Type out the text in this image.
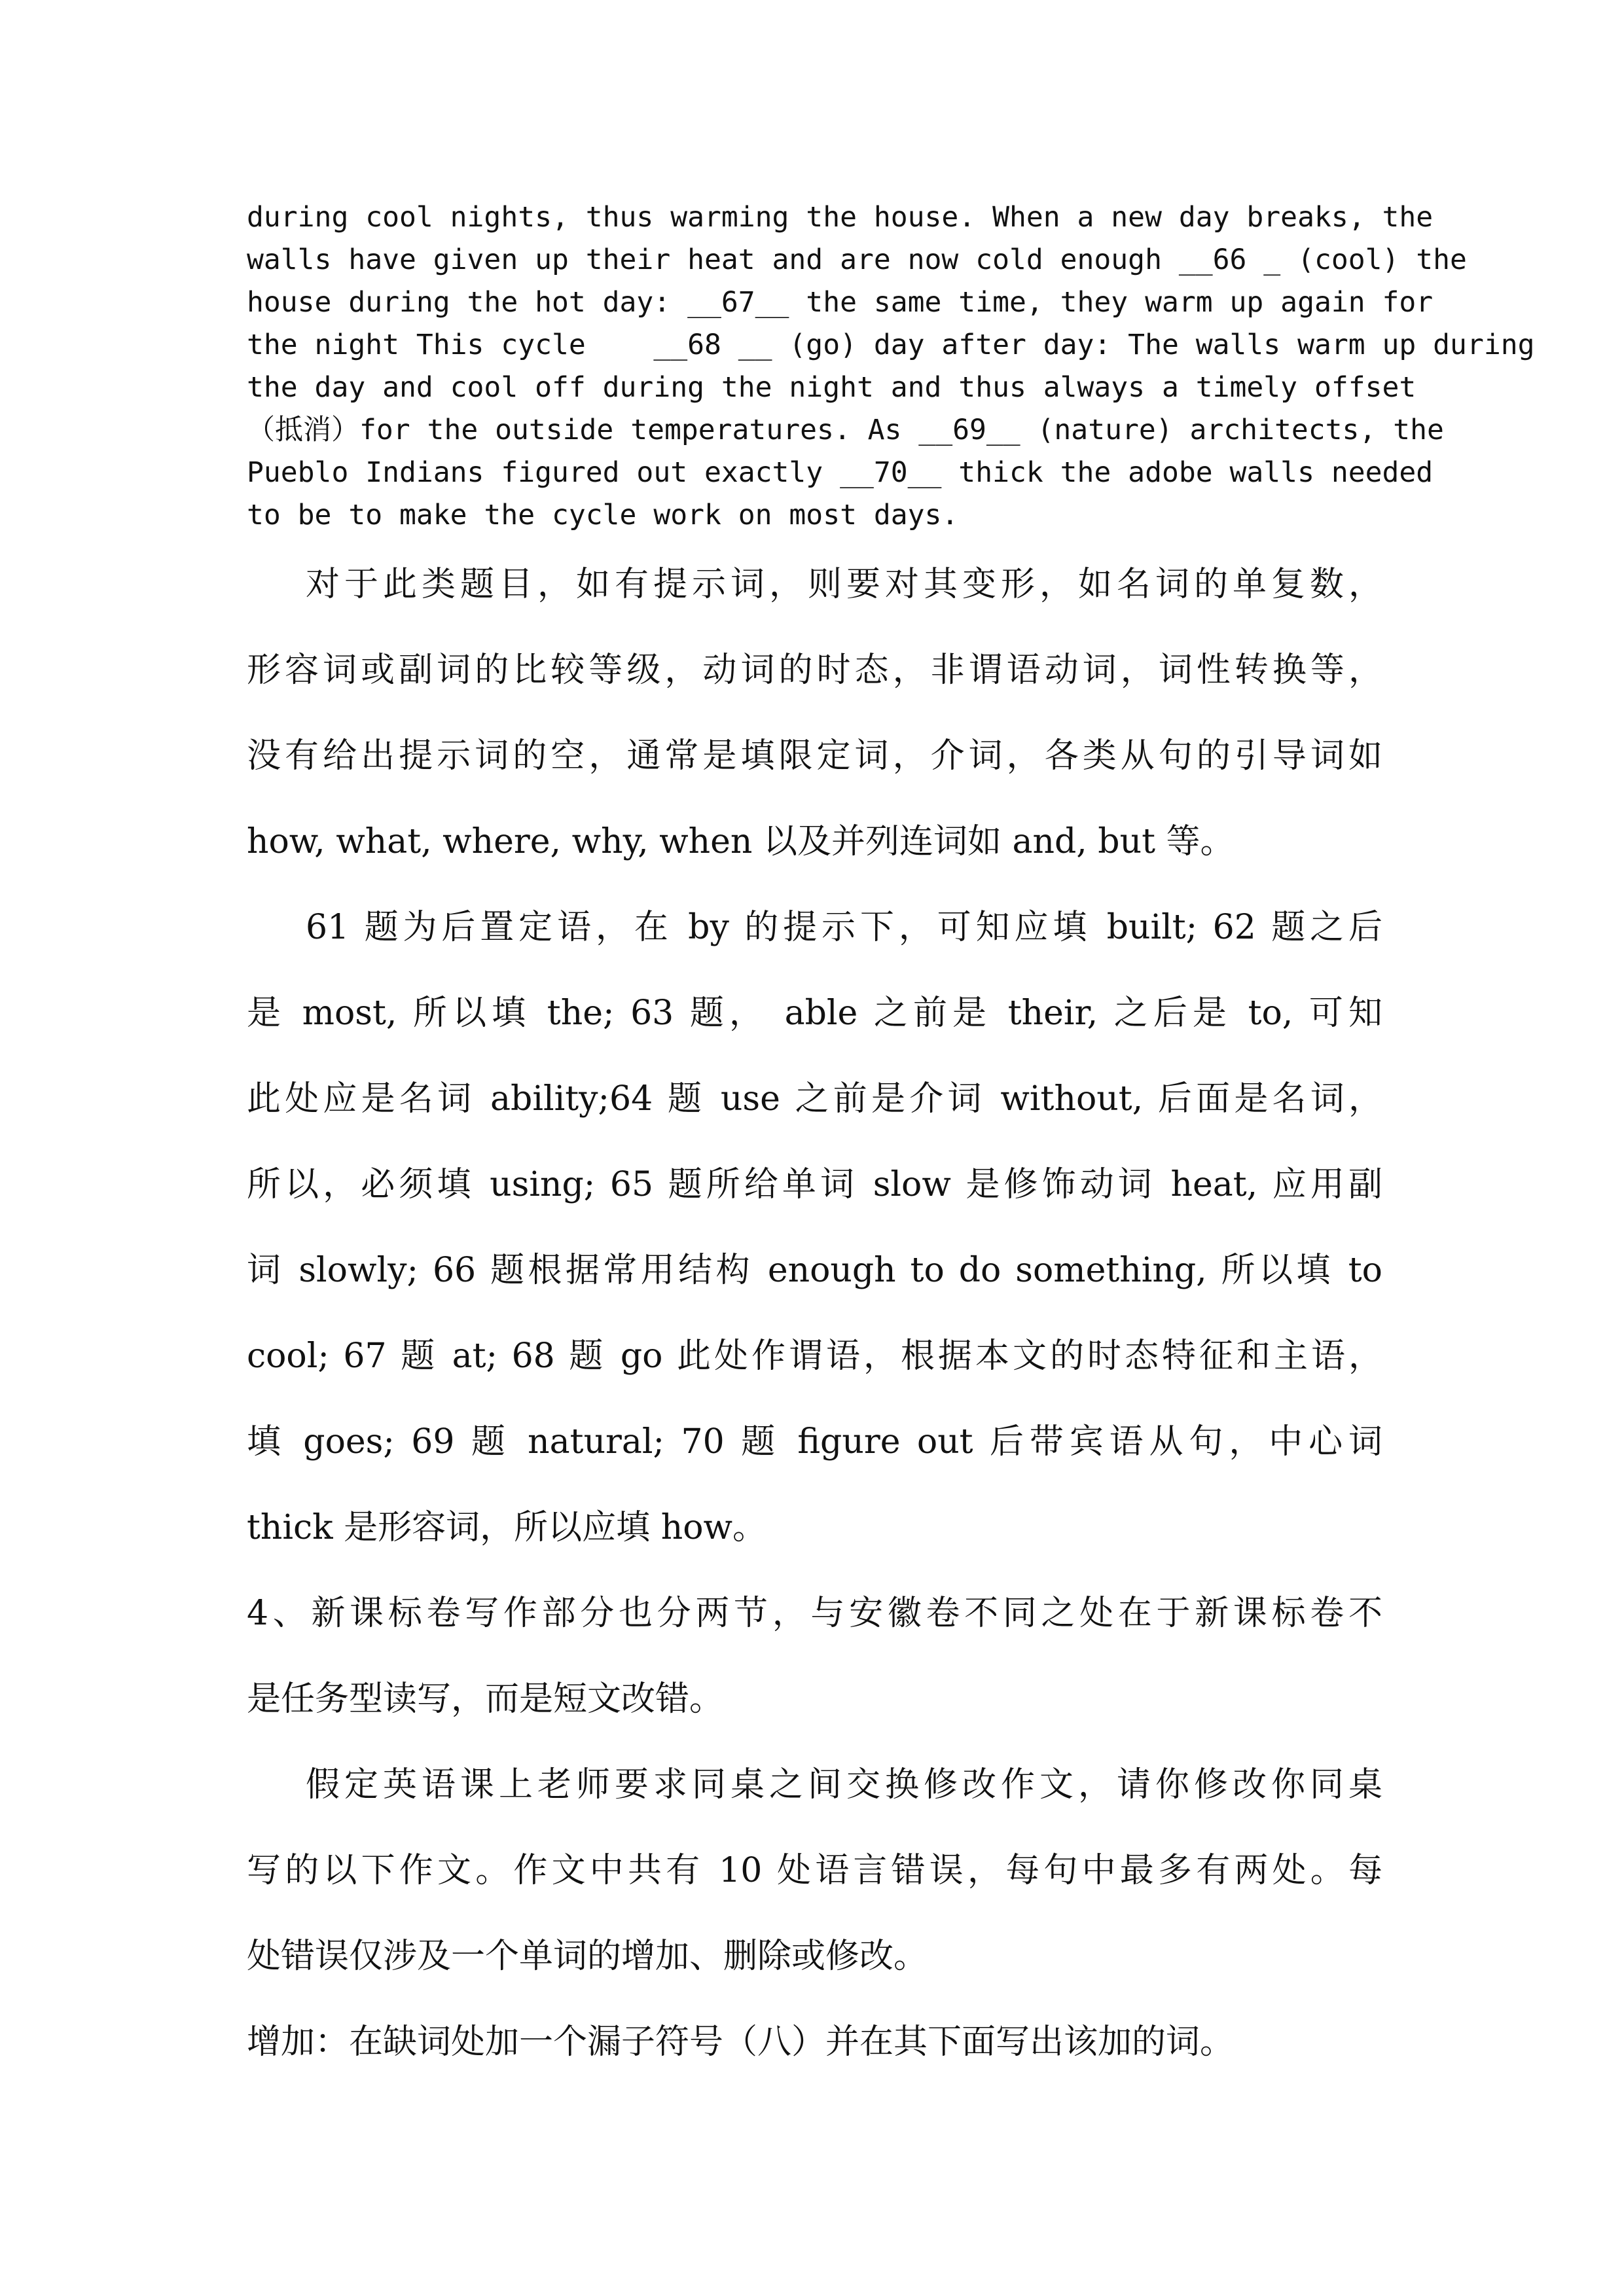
during cool nights, thus warming the house. When a new day breaks, the
walls have given up their heat and are now cold enough __66 _ (cool) the
house during the hot day: __67__ the same time, they warm up again for
the night This cycle    __68 __ (go) day after day: The walls warm up during
the day and cool off during the night and thus always a timely offset
（抵消）for the outside temperatures. As __69__ (nature) architects, the
Pueblo Indians figured out exactly __70__ thick the adobe walls needed
to be to make the cycle work on most days.
对于此类题目，如有提示词，则要对其变形，如名词的单复数，
形容词或副词的比较等级，动词的时态，非谓语动词，词性转换等，
没有给出提示词的空，通常是填限定词，介词，各类从句的引导词如
how, what, where, why, when 以及并列连词如 and, but 等。
61 题为后置定语，在 by 的提示下，可知应填 built; 62 题之后
是 most, 所以填 the; 63 题， able 之前是 their, 之后是 to, 可知
此处应是名词 ability;64 题 use 之前是介词 without, 后面是名词，
所以，必须填 using; 65 题所给单词 slow 是修饰动词 heat, 应用副
词 slowly; 66 题根据常用结构 enough to do something, 所以填 to
cool; 67 题 at; 68 题 go 此处作谓语，根据本文的时态特征和主语，
填 goes; 69 题 natural; 70 题 figure out 后带宾语从句，中心词
thick 是形容词，所以应填 how。
4、新课标卷写作部分也分两节，与安徽卷不同之处在于新课标卷不
是任务型读写，而是短文改错。
假定英语课上老师要求同桌之间交换修改作文，请你修改你同桌
写的以下作文。作文中共有 10 处语言错误，每句中最多有两处。每
处错误仅涉及一个单词的增加、删除或修改。
增加：在缺词处加一个漏子符号（八）并在其下面写出该加的词。
